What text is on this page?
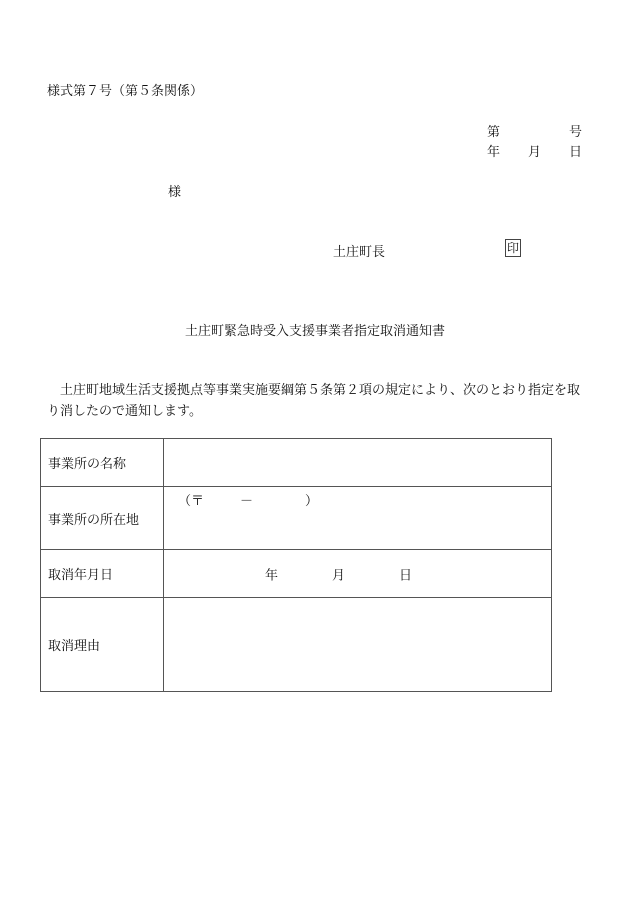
様式第７号（第５条関係）
第	号
年 月 日
様
土庄町長	印
土庄町緊急時受入支援事業者指定取消通知書
土庄町地域生活支援拠点等事業実施要綱第５条第２項の規定により、次のとおり指定を取り消したので通知します。
事業所の名称	
事業所の所在地	（〒 － ）

取消年月日	年 月 日

取消理由	
